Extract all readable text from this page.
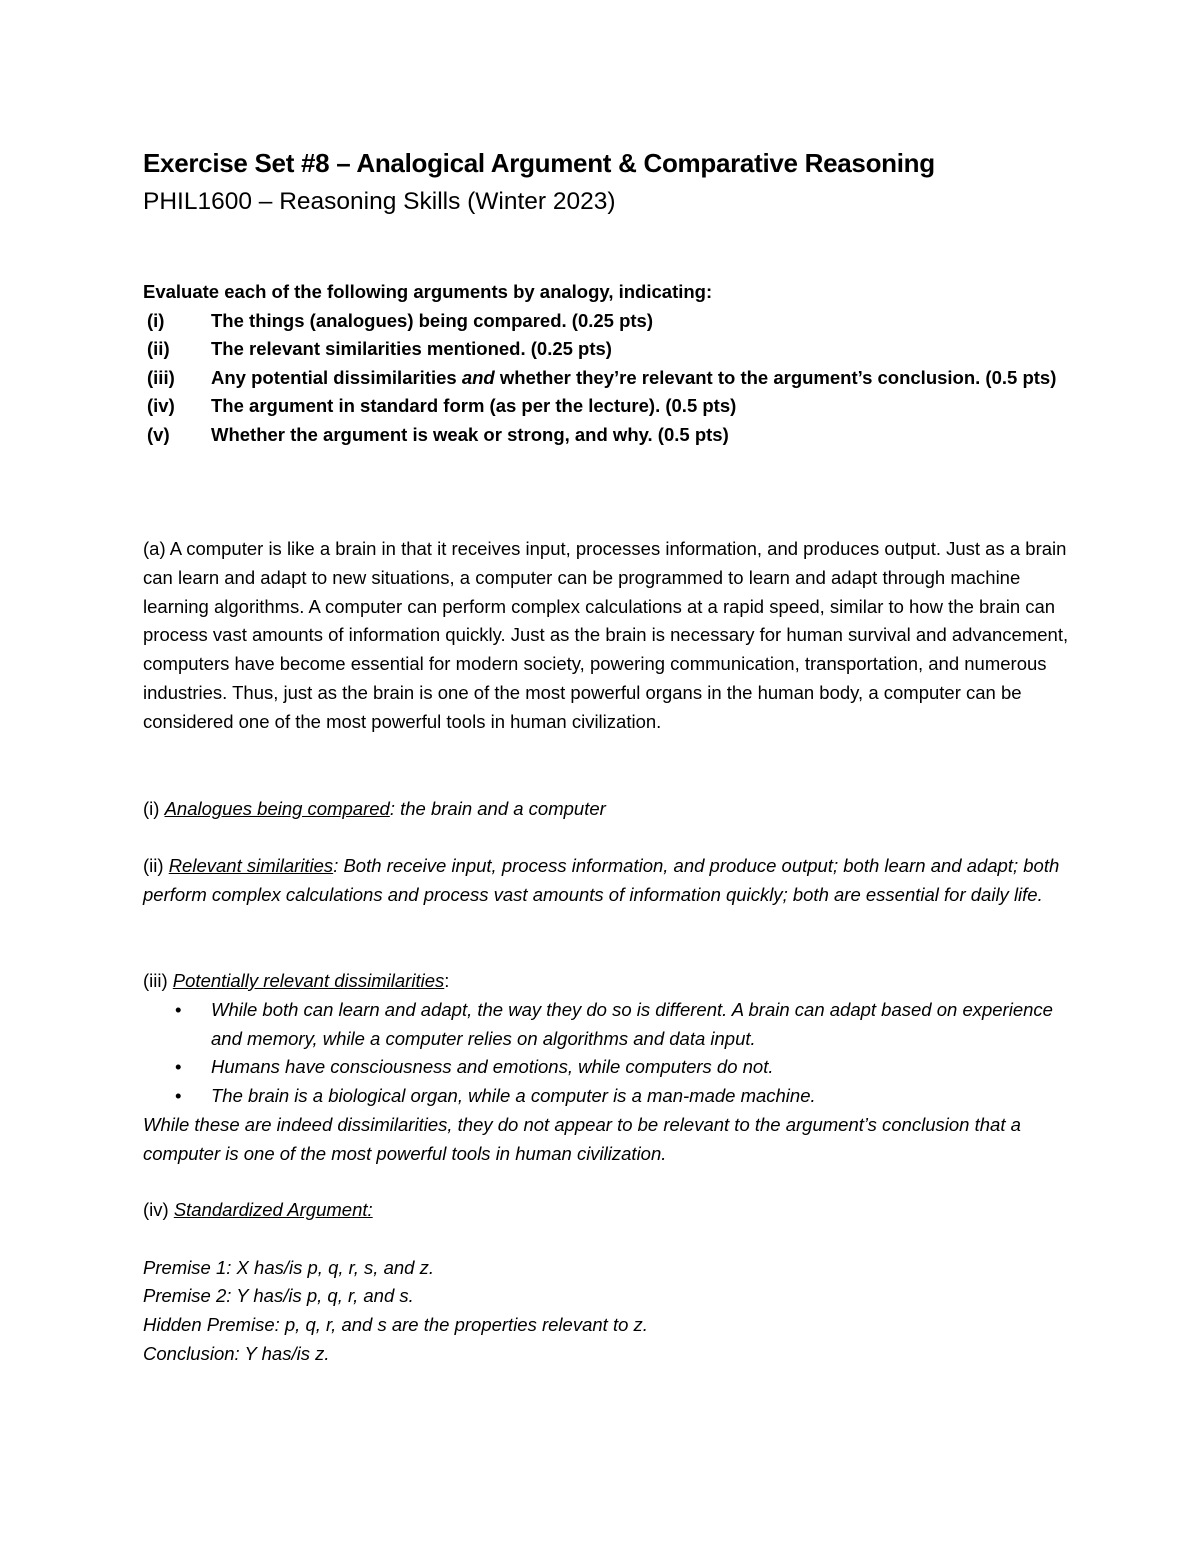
Exercise Set #8 – Analogical Argument & Comparative Reasoning
PHIL1600 – Reasoning Skills (Winter 2023)
Evaluate each of the following arguments by analogy, indicating:
(i)	The things (analogues) being compared. (0.25 pts)
(ii) The relevant similarities mentioned. (0.25 pts)
(iii) Any potential dissimilarities and whether they’re relevant to the argument’s conclusion. (0.5 pts)
(iv) The argument in standard form (as per the lecture). (0.5 pts)
(v) Whether the argument is weak or strong, and why. (0.5 pts)
(a) A computer is like a brain in that it receives input, processes information, and produces output. Just as a brain can learn and adapt to new situations, a computer can be programmed to learn and adapt through machine learning algorithms. A computer can perform complex calculations at a rapid speed, similar to how the brain can process vast amounts of information quickly. Just as the brain is necessary for human survival and advancement, computers have become essential for modern society, powering communication, transportation, and numerous industries. Thus, just as the brain is one of the most powerful organs in the human body, a computer can be considered one of the most powerful tools in human civilization.
(i) Analogues being compared: the brain and a computer
(ii) Relevant similarities: Both receive input, process information, and produce output; both learn and adapt; both perform complex calculations and process vast amounts of information quickly; both are essential for daily life.
(iii) Potentially relevant dissimilarities:
• While both can learn and adapt, the way they do so is different. A brain can adapt based on experience and memory, while a computer relies on algorithms and data input.
• Humans have consciousness and emotions, while computers do not.
• The brain is a biological organ, while a computer is a man-made machine.
While these are indeed dissimilarities, they do not appear to be relevant to the argument’s conclusion that a computer is one of the most powerful tools in human civilization.
(iv) Standardized Argument:
Premise 1: X has/is p, q, r, s, and z.
Premise 2: Y has/is p, q, r, and s.
Hidden Premise: p, q, r, and s are the properties relevant to z.
Conclusion: Y has/is z.
